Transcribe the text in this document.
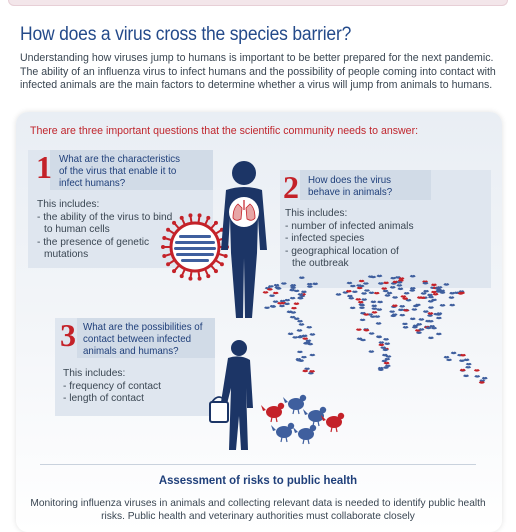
How does a virus cross the species barrier?

Understanding how viruses jump to humans is important to be better prepared for the next pandemic. The ability of an influenza virus to infect humans and the possibility of people coming into contact with infected animals are the main factors to determine whether a virus will jump from animals to humans.

There are three important questions that the scientific community needs to answer:

1 What are the characteristics
of the virus that enable it to
infect humans?
This includes:
- the ability of the virus to bind
to human cells
- the presence of genetic
mutations
2 How does the virus
behave in animals?
This includes:
- number of infected animals
- infected species
- geographical location of
the outbreak
3 What are the possibilities of
contact between infected
animals and humans?
This includes:
- frequency of contact
- length of contact
Assessment of risks to public health

Monitoring influenza viruses in animals and collecting relevant data is needed to identify public health risks. Public health and veterinary authorities must collaborate closely
